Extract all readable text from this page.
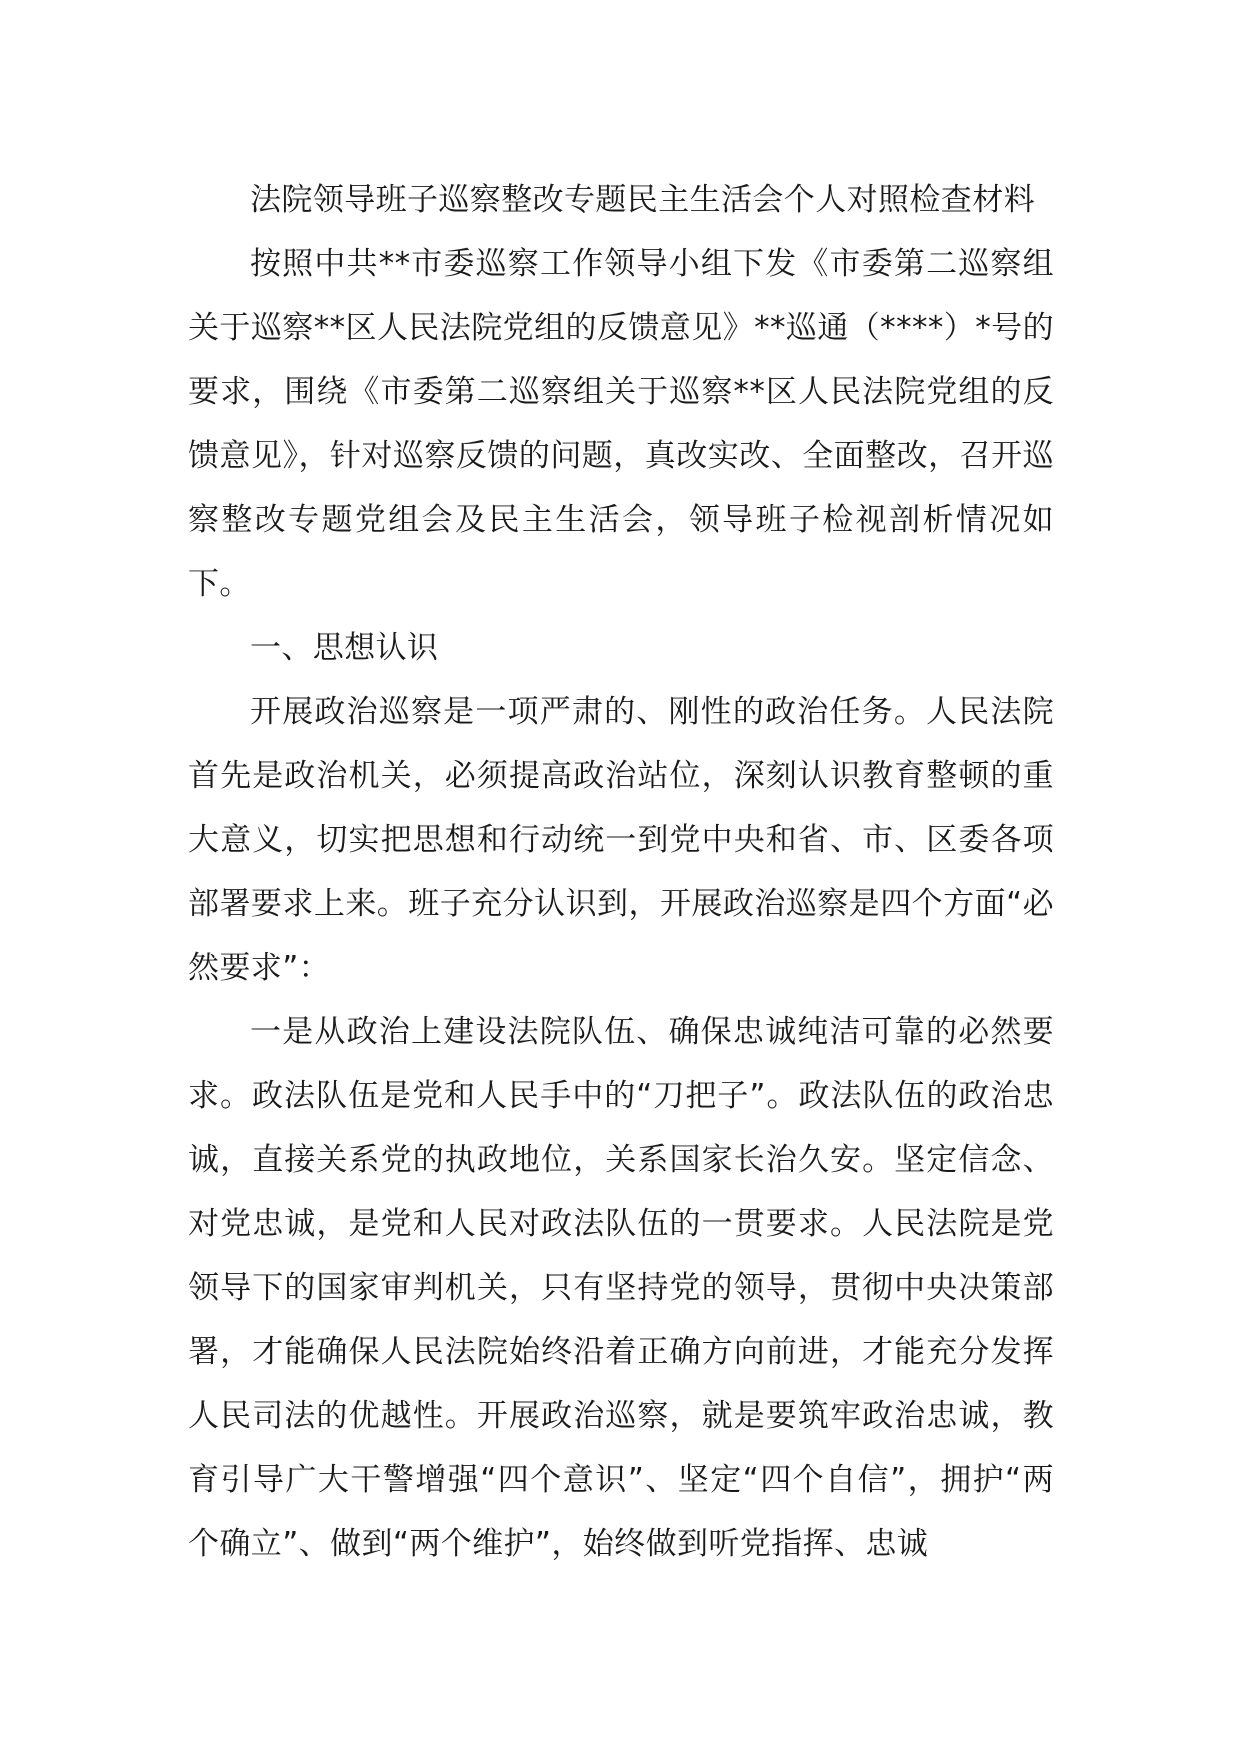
法院领导班子巡察整改专题民主生活会个人对照检查材料

按照中共**市委巡察工作领导小组下发《市委第二巡察组关于巡察**区人民法院党组的反馈意见》**巡通（****）*号的要求，围绕《市委第二巡察组关于巡察**区人民法院党组的反馈意见》，针对巡察反馈的问题，真改实改、全面整改，召开巡察整改专题党组会及民主生活会，领导班子检视剖析情况如下。

一、思想认识

开展政治巡察是一项严肃的、刚性的政治任务。人民法院首先是政治机关，必须提高政治站位，深刻认识教育整顿的重大意义，切实把思想和行动统一到党中央和省、市、区委各项部署要求上来。班子充分认识到，开展政治巡察是四个方面“必然要求”：

一是从政治上建设法院队伍、确保忠诚纯洁可靠的必然要求。政法队伍是党和人民手中的“刀把子”。政法队伍的政治忠诚，直接关系党的执政地位，关系国家长治久安。坚定信念、对党忠诚，是党和人民对政法队伍的一贯要求。人民法院是党领导下的国家审判机关，只有坚持党的领导，贯彻中央决策部署，才能确保人民法院始终沿着正确方向前进，才能充分发挥人民司法的优越性。开展政治巡察，就是要筑牢政治忠诚，教育引导广大干警增强“四个意识”、坚定“四个自信”，拥护“两个确立”、做到“两个维护”，始终做到听党指挥、忠诚
